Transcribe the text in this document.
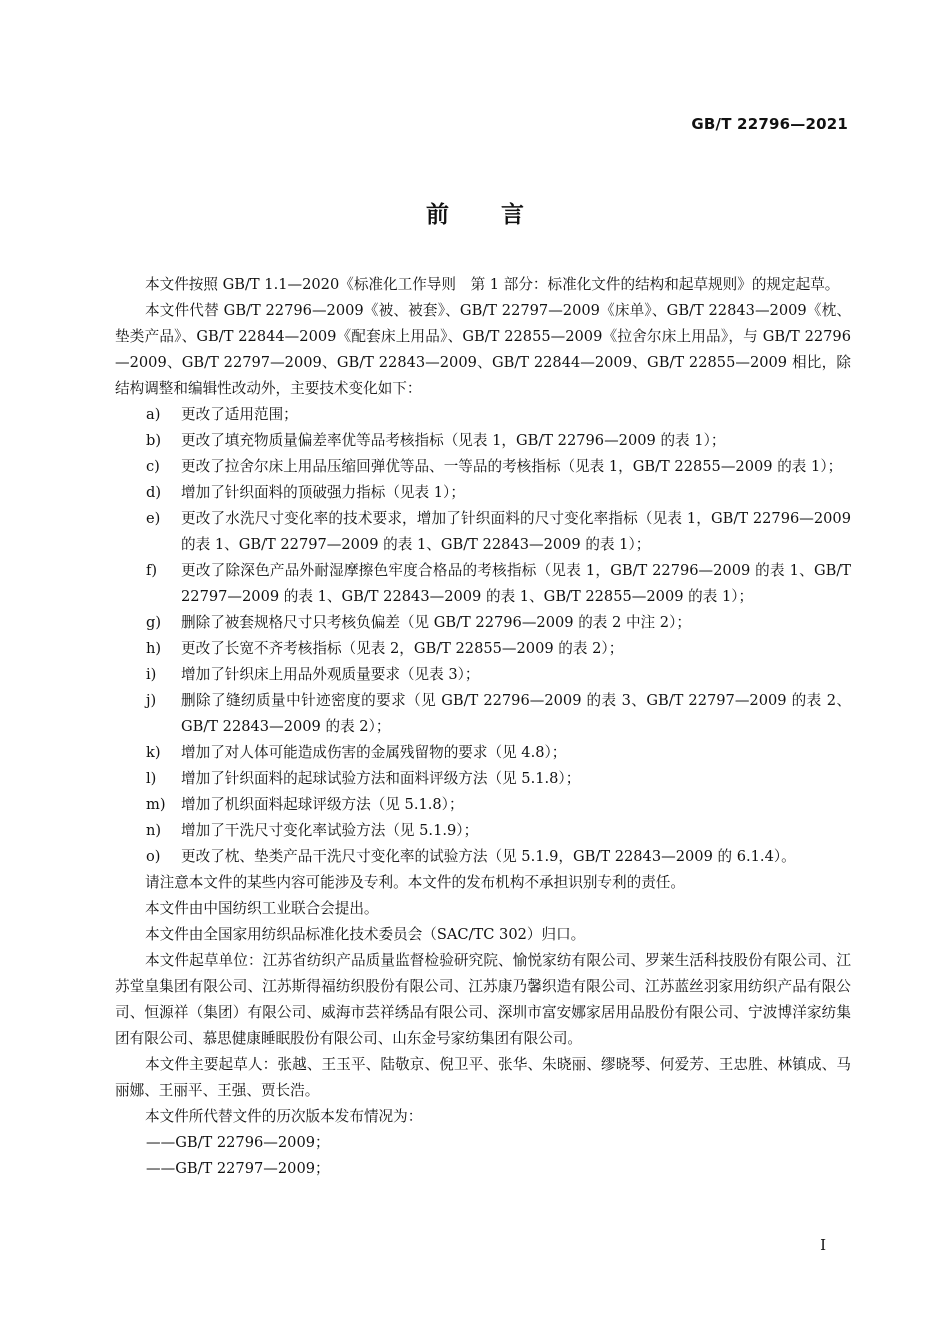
GB/T 22796—2021
前言

本文件按照 GB/T 1.1—2020《标准化工作导则　第 1 部分：标准化文件的结构和起草规则》的规定起草。

本文件代替 GB/T 22796—2009《被、被套》、GB/T 22797—2009《床单》、GB/T 22843—2009《枕、垫类产品》、GB/T 22844—2009《配套床上用品》、GB/T 22855—2009《拉舍尔床上用品》，与 GB/T 22796—2009、GB/T 22797—2009、GB/T 22843—2009、GB/T 22844—2009、GB/T 22855—2009 相比，除结构调整和编辑性改动外，主要技术变化如下：

a) 更改了适用范围；
b) 更改了填充物质量偏差率优等品考核指标（见表 1，GB/T 22796—2009 的表 1）；
c) 更改了拉舍尔床上用品压缩回弹优等品、一等品的考核指标（见表 1，GB/T 22855—2009 的表 1）；
d) 增加了针织面料的顶破强力指标（见表 1）；
e) 更改了水洗尺寸变化率的技术要求，增加了针织面料的尺寸变化率指标（见表 1，GB/T 22796—2009 的表 1、GB/T 22797—2009 的表 1、GB/T 22843—2009 的表 1）；
f) 更改了除深色产品外耐湿摩擦色牢度合格品的考核指标（见表 1，GB/T 22796—2009 的表 1、GB/T 22797—2009 的表 1、GB/T 22843—2009 的表 1、GB/T 22855—2009 的表 1）；
g) 删除了被套规格尺寸只考核负偏差（见 GB/T 22796—2009 的表 2 中注 2）；
h) 更改了长宽不齐考核指标（见表 2，GB/T 22855—2009 的表 2）；
i) 增加了针织床上用品外观质量要求（见表 3）；
j) 删除了缝纫质量中针迹密度的要求（见 GB/T 22796—2009 的表 3、GB/T 22797—2009 的表 2、GB/T 22843—2009 的表 2）；
k) 增加了对人体可能造成伤害的金属残留物的要求（见 4.8）；
l) 增加了针织面料的起球试验方法和面料评级方法（见 5.1.8）；
m) 增加了机织面料起球评级方法（见 5.1.8）；
n) 增加了干洗尺寸变化率试验方法（见 5.1.9）；
o) 更改了枕、垫类产品干洗尺寸变化率的试验方法（见 5.1.9，GB/T 22843—2009 的 6.1.4）。

请注意本文件的某些内容可能涉及专利。本文件的发布机构不承担识别专利的责任。

本文件由中国纺织工业联合会提出。

本文件由全国家用纺织品标准化技术委员会（SAC/TC 302）归口。

本文件起草单位：江苏省纺织产品质量监督检验研究院、愉悦家纺有限公司、罗莱生活科技股份有限公司、江苏堂皇集团有限公司、江苏斯得福纺织股份有限公司、江苏康乃馨织造有限公司、江苏蓝丝羽家用纺织产品有限公司、恒源祥（集团）有限公司、威海市芸祥绣品有限公司、深圳市富安娜家居用品股份有限公司、宁波博洋家纺集团有限公司、慕思健康睡眠股份有限公司、山东金号家纺集团有限公司。

本文件主要起草人：张越、王玉平、陆敬京、倪卫平、张华、朱晓丽、缪晓琴、何爱芳、王忠胜、林镇成、马丽娜、王丽平、王强、贾长浩。

本文件所代替文件的历次版本发布情况为：

——GB/T 22796—2009；
——GB/T 22797—2009；
I
